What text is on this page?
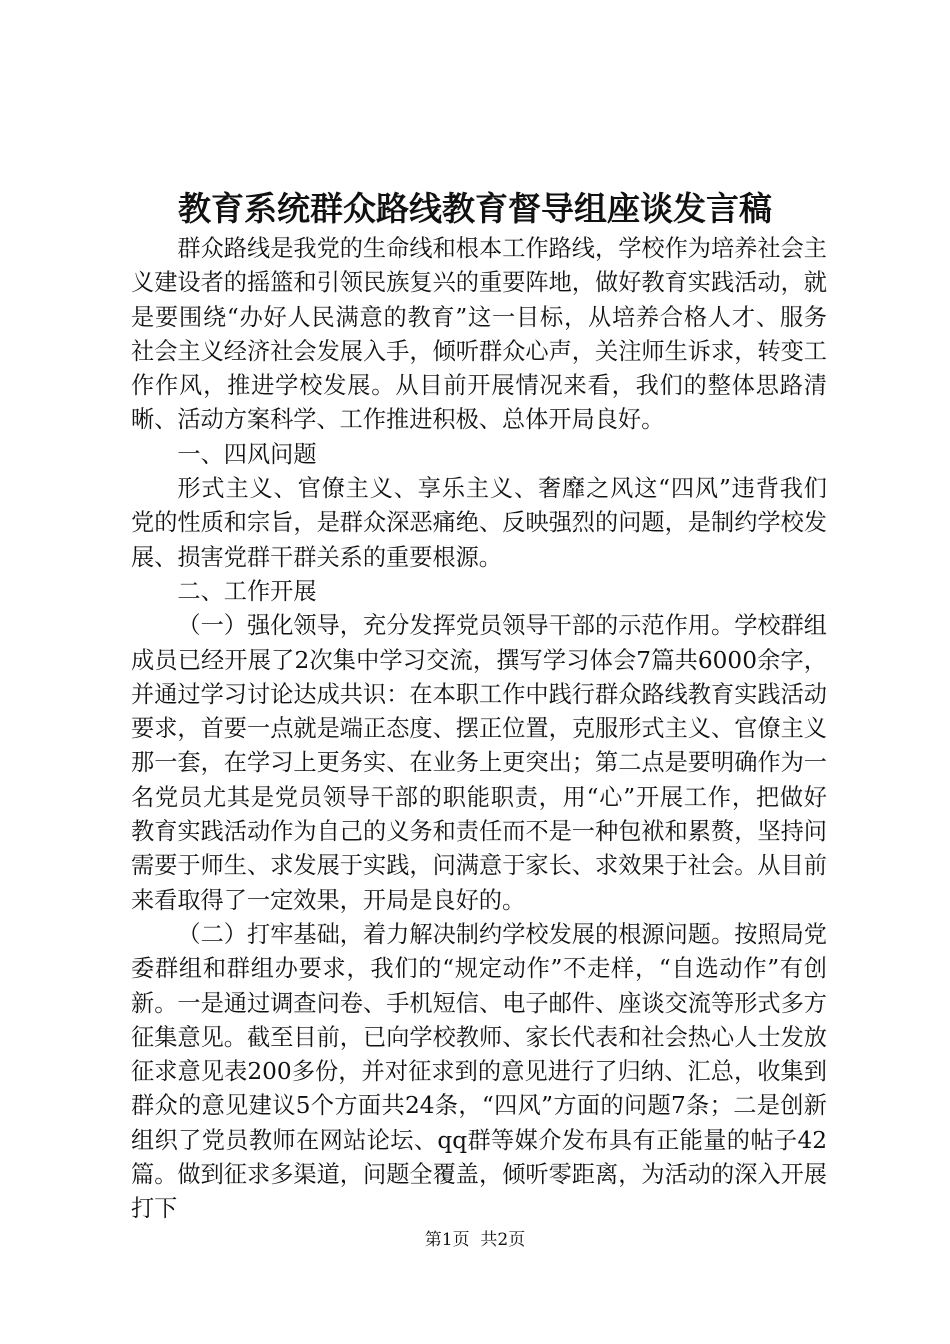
教育系统群众路线教育督导组座谈发言稿

群众路线是我党的生命线和根本工作路线，学校作为培养社会主义建设者的摇篮和引领民族复兴的重要阵地，做好教育实践活动，就是要围绕“办好人民满意的教育”这一目标，从培养合格人才、服务社会主义经济社会发展入手，倾听群众心声，关注师生诉求，转变工作作风，推进学校发展。从目前开展情况来看，我们的整体思路清晰、活动方案科学、工作推进积极、总体开局良好。

一、四风问题

形式主义、官僚主义、享乐主义、奢靡之风这“四风”违背我们党的性质和宗旨，是群众深恶痛绝、反映强烈的问题，是制约学校发展、损害党群干群关系的重要根源。

二、工作开展

（一）强化领导，充分发挥党员领导干部的示范作用。学校群组成员已经开展了2次集中学习交流，撰写学习体会7篇共6000余字，并通过学习讨论达成共识：在本职工作中践行群众路线教育实践活动要求，首要一点就是端正态度、摆正位置，克服形式主义、官僚主义那一套，在学习上更务实、在业务上更突出；第二点是要明确作为一名党员尤其是党员领导干部的职能职责，用“心”开展工作，把做好教育实践活动作为自己的义务和责任而不是一种包袱和累赘，坚持问需要于师生、求发展于实践，问满意于家长、求效果于社会。从目前来看取得了一定效果，开局是良好的。

（二）打牢基础，着力解决制约学校发展的根源问题。按照局党委群组和群组办要求，我们的“规定动作”不走样，“自选动作”有创新。一是通过调查问卷、手机短信、电子邮件、座谈交流等形式多方征集意见。截至目前，已向学校教师、家长代表和社会热心人士发放征求意见表200多份，并对征求到的意见进行了归纳、汇总，收集到群众的意见建议5个方面共24条，“四风”方面的问题7条；二是创新组织了党员教师在网站论坛、qq群等媒介发布具有正能量的帖子42篇。做到征求多渠道，问题全覆盖，倾听零距离，为活动的深入开展打下

第1页  共2页
